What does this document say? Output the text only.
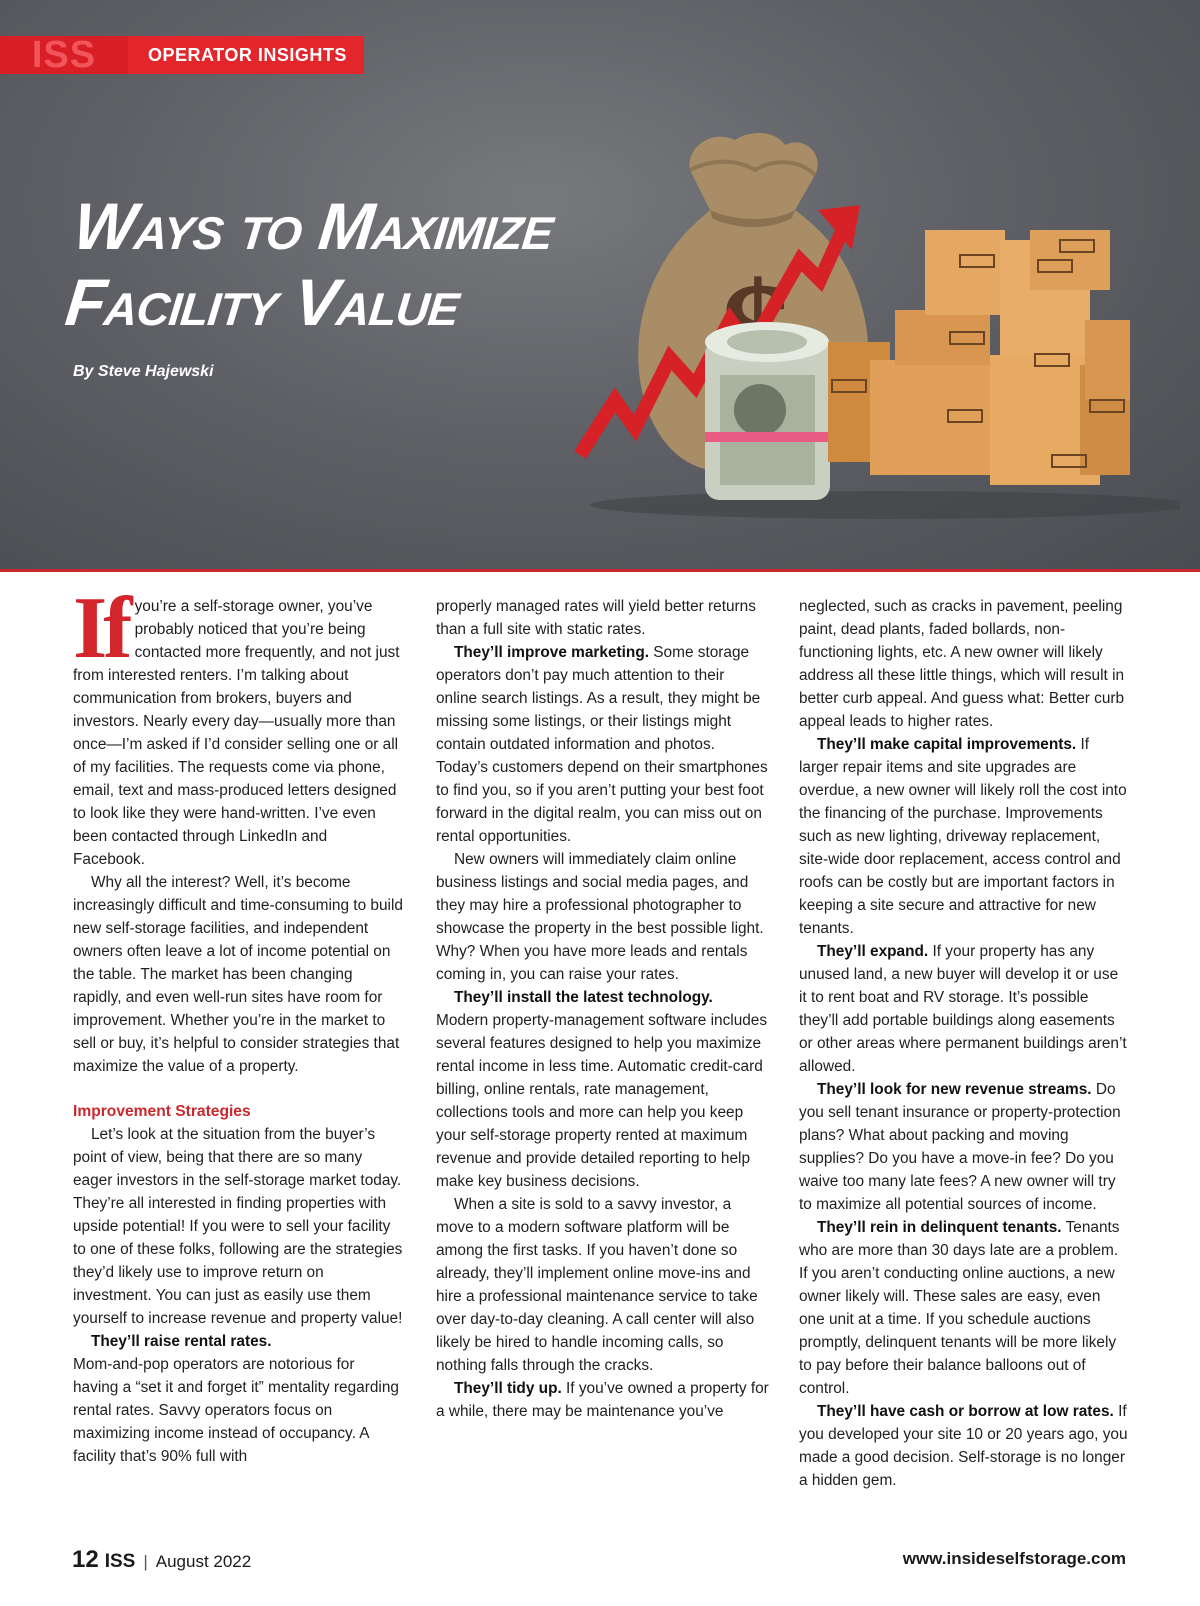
ISS	OPERATOR INSIGHTS
Ways to Maximize
Facility Value
By Steve Hajewski

If you’re a self-storage owner, you’ve probably noticed that you’re being contacted more frequently, and not just from interested renters. I’m talking about communication from brokers, buyers and investors. Nearly every day—usually more than once—I’m asked if I’d consider selling one or all of my facilities. The requests come via phone, email, text and mass-produced letters designed to look like they were hand-written. I’ve even been contacted through LinkedIn and Facebook.

Why all the interest? Well, it’s become increasingly difficult and time-consuming to build new self-storage facilities, and independent owners often leave a lot of income potential on the table. The market has been changing rapidly, and even well-run sites have room for improvement. Whether you’re in the market to sell or buy, it’s helpful to consider strategies that maximize the value of a property.

Improvement Strategies

Let’s look at the situation from the buyer’s point of view, being that there are so many eager investors in the self-storage market today. They’re all interested in finding properties with upside potential! If you were to sell your facility to one of these folks, following are the strategies they’d likely use to improve return on investment. You can just as easily use them yourself to increase revenue and property value!

They’ll raise rental rates.

Mom-and-pop operators are notorious for having a “set it and forget it” mentality regarding rental rates. Savvy operators focus on maximizing income instead of occupancy. A facility that’s 90% full with

properly managed rates will yield better returns than a full site with static rates.

They’ll improve marketing. Some storage operators don’t pay much attention to their online search listings. As a result, they might be missing some listings, or their listings might contain outdated information and photos. Today’s customers depend on their smartphones to find you, so if you aren’t putting your best foot forward in the digital realm, you can miss out on rental opportunities.

New owners will immediately claim online business listings and social media pages, and they may hire a professional photographer to showcase the property in the best possible light. Why? When you have more leads and rentals coming in, you can raise your rates.

They’ll install the latest technology. Modern property-management software includes several features designed to help you maximize rental income in less time. Automatic credit-card billing, online rentals, rate management, collections tools and more can help you keep your self-storage property rented at maximum revenue and provide detailed reporting to help make key business decisions.

When a site is sold to a savvy investor, a move to a modern software platform will be among the first tasks. If you haven’t done so already, they’ll implement online move-ins and hire a professional maintenance service to take over day-to-day cleaning. A call center will also likely be hired to handle incoming calls, so nothing falls through the cracks.

They’ll tidy up. If you’ve owned a property for a while, there may be maintenance you’ve

neglected, such as cracks in pavement, peeling paint, dead plants, faded bollards, non-functioning lights, etc. A new owner will likely address all these little things, which will result in better curb appeal. And guess what: Better curb appeal leads to higher rates.

They’ll make capital improvements. If larger repair items and site upgrades are overdue, a new owner will likely roll the cost into the financing of the purchase. Improvements such as new lighting, driveway replacement, site-wide door replacement, access control and roofs can be costly but are important factors in keeping a site secure and attractive for new tenants.

They’ll expand. If your property has any unused land, a new buyer will develop it or use it to rent boat and RV storage. It’s possible they’ll add portable buildings along easements or other areas where permanent buildings aren’t allowed.

They’ll look for new revenue streams. Do you sell tenant insurance or property-protection plans? What about packing and moving supplies? Do you have a move-in fee? Do you waive too many late fees? A new owner will try to maximize all potential sources of income.

They’ll rein in delinquent tenants. Tenants who are more than 30 days late are a problem. If you aren’t conducting online auctions, a new owner likely will. These sales are easy, even one unit at a time. If you schedule auctions promptly, delinquent tenants will be more likely to pay before their balance balloons out of control.

They’ll have cash or borrow at low rates. If you developed your site 10 or 20 years ago, you made a good decision. Self-storage is no longer a hidden gem.

12 ISS | August 2022	www.insideselfstorage.com
